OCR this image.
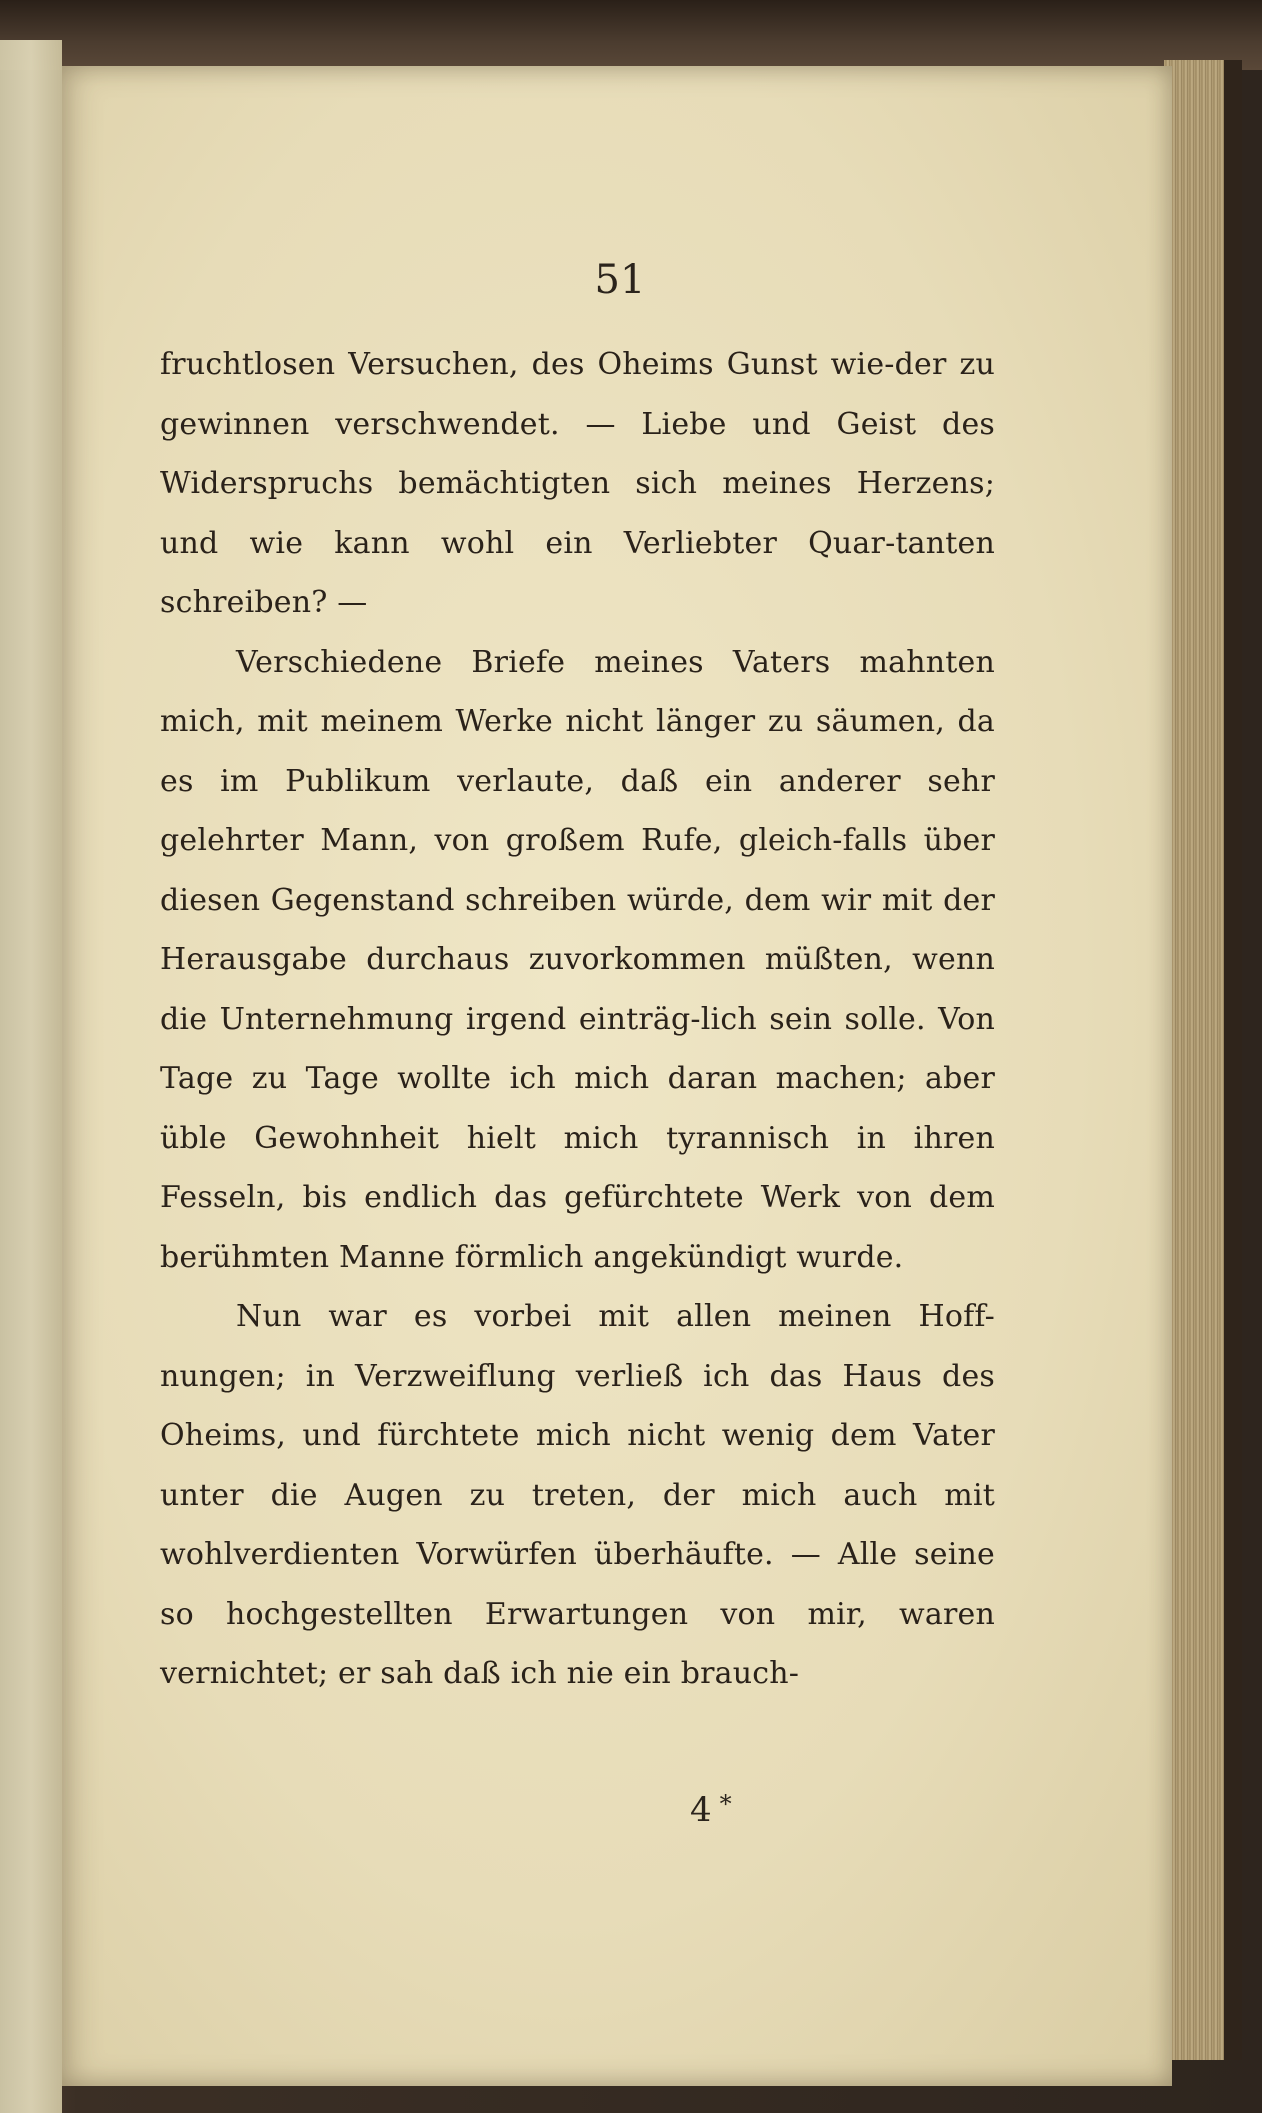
51

fruchtlosen Versuchen, des Oheims Gunst wie-der zu gewinnen verschwendet. — Liebe und Geist des Widerspruchs bemächtigten sich meines Herzens; und wie kann wohl ein Verliebter Quar-tanten schreiben? —

Verschiedene Briefe meines Vaters mahnten mich, mit meinem Werke nicht länger zu säumen, da es im Publikum verlaute, daß ein anderer sehr gelehrter Mann, von großem Rufe, gleich-falls über diesen Gegenstand schreiben würde, dem wir mit der Herausgabe durchaus zuvorkommen müßten, wenn die Unternehmung irgend einträg-lich sein solle. Von Tage zu Tage wollte ich mich daran machen; aber üble Gewohnheit hielt mich tyrannisch in ihren Fesseln, bis endlich das gefürchtete Werk von dem berühmten Manne förmlich angekündigt wurde.

Nun war es vorbei mit allen meinen Hoff-nungen; in Verzweiflung verließ ich das Haus des Oheims, und fürchtete mich nicht wenig dem Vater unter die Augen zu treten, der mich auch mit wohlverdienten Vorwürfen überhäufte. — Alle seine so hochgestellten Erwartungen von mir, waren vernichtet; er sah daß ich nie ein brauch-

4 *
